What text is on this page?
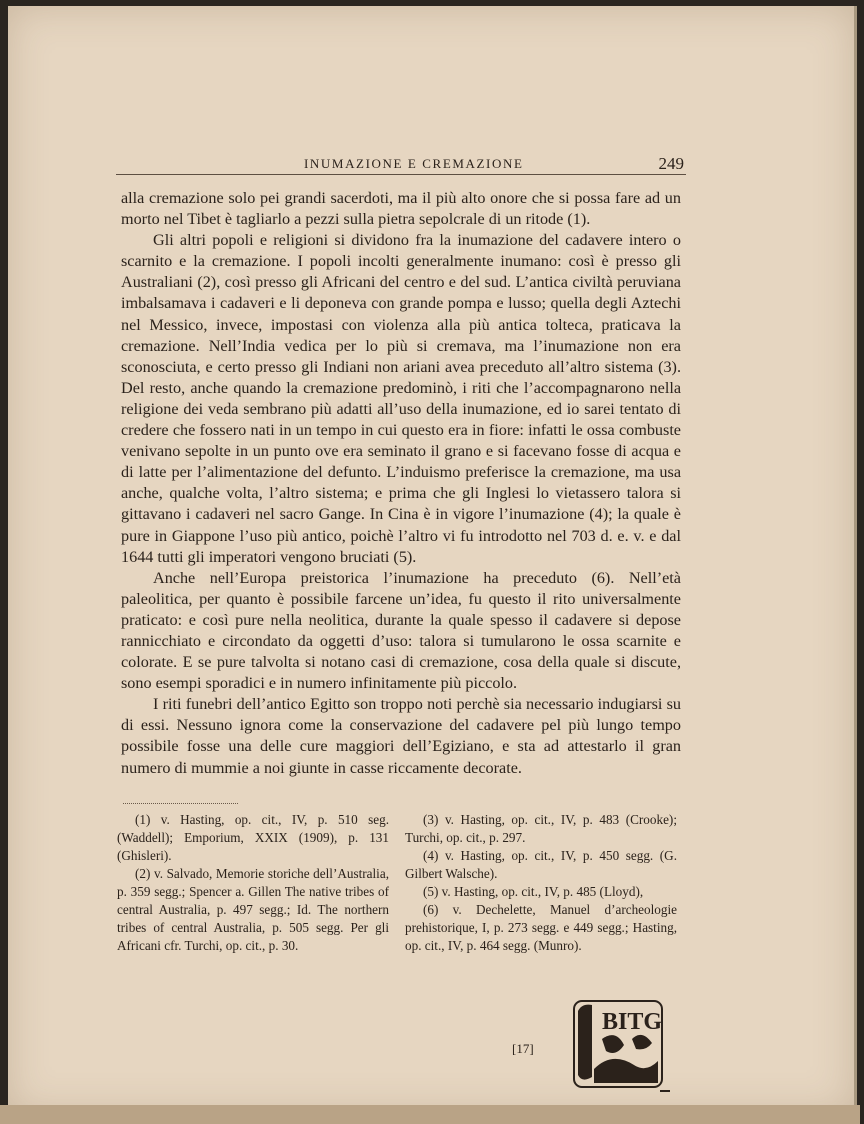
INUMAZIONE E CREMAZIONE	249

alla cremazione solo pei grandi sacerdoti, ma il più alto onore che si possa fare ad un morto nel Tibet è tagliarlo a pezzi sulla pietra sepolcrale di un ritode (1).

Gli altri popoli e religioni si dividono fra la inumazione del cadavere intero o scarnito e la cremazione. I popoli incolti generalmente inumano: così è presso gli Australiani (2), così presso gli Africani del centro e del sud. L’antica civiltà peruviana imbalsamava i cadaveri e li deponeva con grande pompa e lusso; quella degli Aztechi nel Messico, invece, impostasi con violenza alla più antica tolteca, praticava la cremazione. Nell’India vedica per lo più si cremava, ma l’inumazione non era sconosciuta, e certo presso gli Indiani non ariani avea preceduto all’altro sistema (3). Del resto, anche quando la cremazione predominò, i riti che l’accompagnarono nella religione dei veda sembrano più adatti all’uso della inumazione, ed io sarei tentato di credere che fossero nati in un tempo in cui questo era in fiore: infatti le ossa combuste venivano sepolte in un punto ove era seminato il grano e si facevano fosse di acqua e di latte per l’alimentazione del defunto. L’induismo preferisce la cremazione, ma usa anche, qualche volta, l’altro sistema; e prima che gli Inglesi lo vietassero talora si gittavano i cadaveri nel sacro Gange. In Cina è in vigore l’inumazione (4); la quale è pure in Giappone l’uso più antico, poichè l’altro vi fu introdotto nel 703 d. e. v. e dal 1644 tutti gli imperatori vengono bruciati (5).

Anche nell’Europa preistorica l’inumazione ha preceduto (6). Nell’età paleolitica, per quanto è possibile farcene un’idea, fu questo il rito universalmente praticato: e così pure nella neolitica, durante la quale spesso il cadavere si depose rannicchiato e circondato da oggetti d’uso: talora si tumularono le ossa scarnite e colorate. E se pure talvolta si notano casi di cremazione, cosa della quale si discute, sono esempi sporadici e in numero infinitamente più piccolo.

I riti funebri dell’antico Egitto son troppo noti perchè sia necessario indugiarsi su di essi. Nessuno ignora come la conservazione del cadavere pel più lungo tempo possibile fosse una delle cure maggiori dell’Egiziano, e sta ad attestarlo il gran numero di mummie a noi giunte in casse riccamente decorate.

(1) v. Hasting, op. cit., IV, p. 510 seg. (Waddell); Emporium, XXIX (1909), p. 131 (Ghisleri).

(2) v. Salvado, Memorie storiche dell’Australia, p. 359 segg.; Spencer a. Gillen The native tribes of central Australia, p. 497 segg.; Id. The northern tribes of central Australia, p. 505 segg. Per gli Africani cfr. Turchi, op. cit., p. 30.

(3) v. Hasting, op. cit., IV, p. 483 (Crooke); Turchi, op. cit., p. 297.

(4) v. Hasting, op. cit., IV, p. 450 segg. (G. Gilbert Walsche).

(5) v. Hasting, op. cit., IV, p. 485 (Lloyd),

(6) v. Dechelette, Manuel d’archeologie prehistorique, I, p. 273 segg. e 449 segg.; Hasting, op. cit., IV, p. 464 segg. (Munro).

[17]
BITG
